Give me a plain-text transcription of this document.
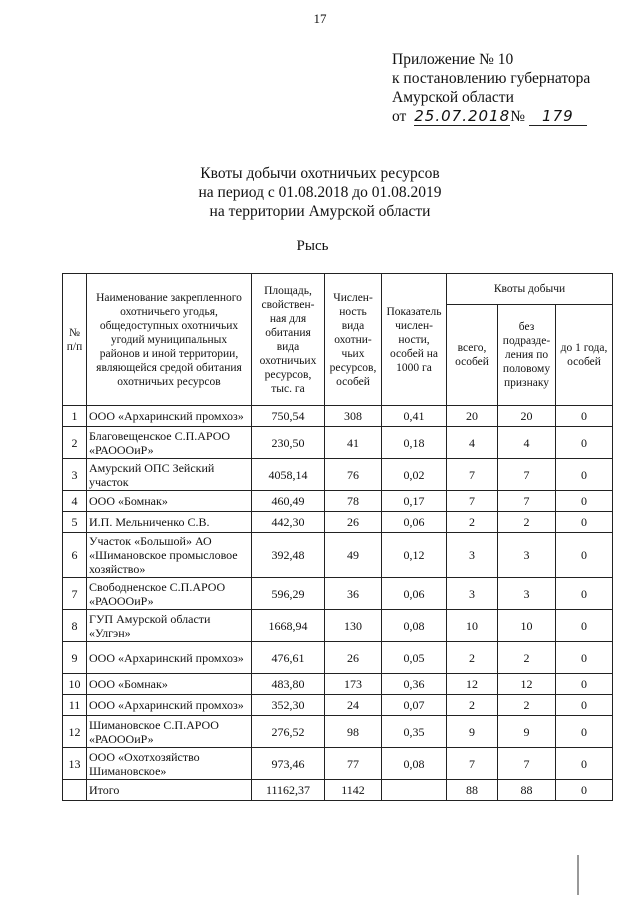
17
Приложение № 10
к постановлению губернатора
Амурской области
от 25.07.2018№ 179
Квоты добычи охотничьих ресурсов
на период с 01.08.2018 до 01.08.2019
на территории Амурской области
Рысь
№ п/п	Наименование закрепленного охотничьего угодья, общедоступных охотничьих угодий муниципальных районов и иной территории, являющейся средой обитания охотничьих ресурсов	Площадь, свойствен-ная для обитания вида охотничьих ресурсов, тыс. га	Числен-ность вида охотни-чьих ресурсов, особей	Показатель числен-ности, особей на 1000 га	Квоты добычи		
					всего, особей	без подразде-ления по половому признаку	до 1 года, особей
1	ООО «Архаринский промхоз»	750,54	308	0,41	20	20	0
2	Благовещенское С.П.АРОО «РАОООиР»	230,50	41	0,18	4	4	0
3	Амурский ОПС Зейский участок	4058,14	76	0,02	7	7	0
4	ООО «Бомнак»	460,49	78	0,17	7	7	0
5	И.П. Мельниченко С.В.	442,30	26	0,06	2	2	0
6	Участок «Большой» АО «Шимановское промысловое хозяйство»	392,48	49	0,12	3	3	0
7	Свободненское С.П.АРОО «РАОООиР»	596,29	36	0,06	3	3	0
8	ГУП Амурской области «Улгэн»	1668,94	130	0,08	10	10	0
9	ООО «Архаринский промхоз»	476,61	26	0,05	2	2	0
10	ООО «Бомнак»	483,80	173	0,36	12	12	0
11	ООО «Архаринский промхоз»	352,30	24	0,07	2	2	0
12	Шимановское С.П.АРОО «РАОООиР»	276,52	98	0,35	9	9	0
13	ООО «Охотхозяйство Шимановское»	973,46	77	0,08	7	7	0
	Итого	11162,37	1142		88	88	0
